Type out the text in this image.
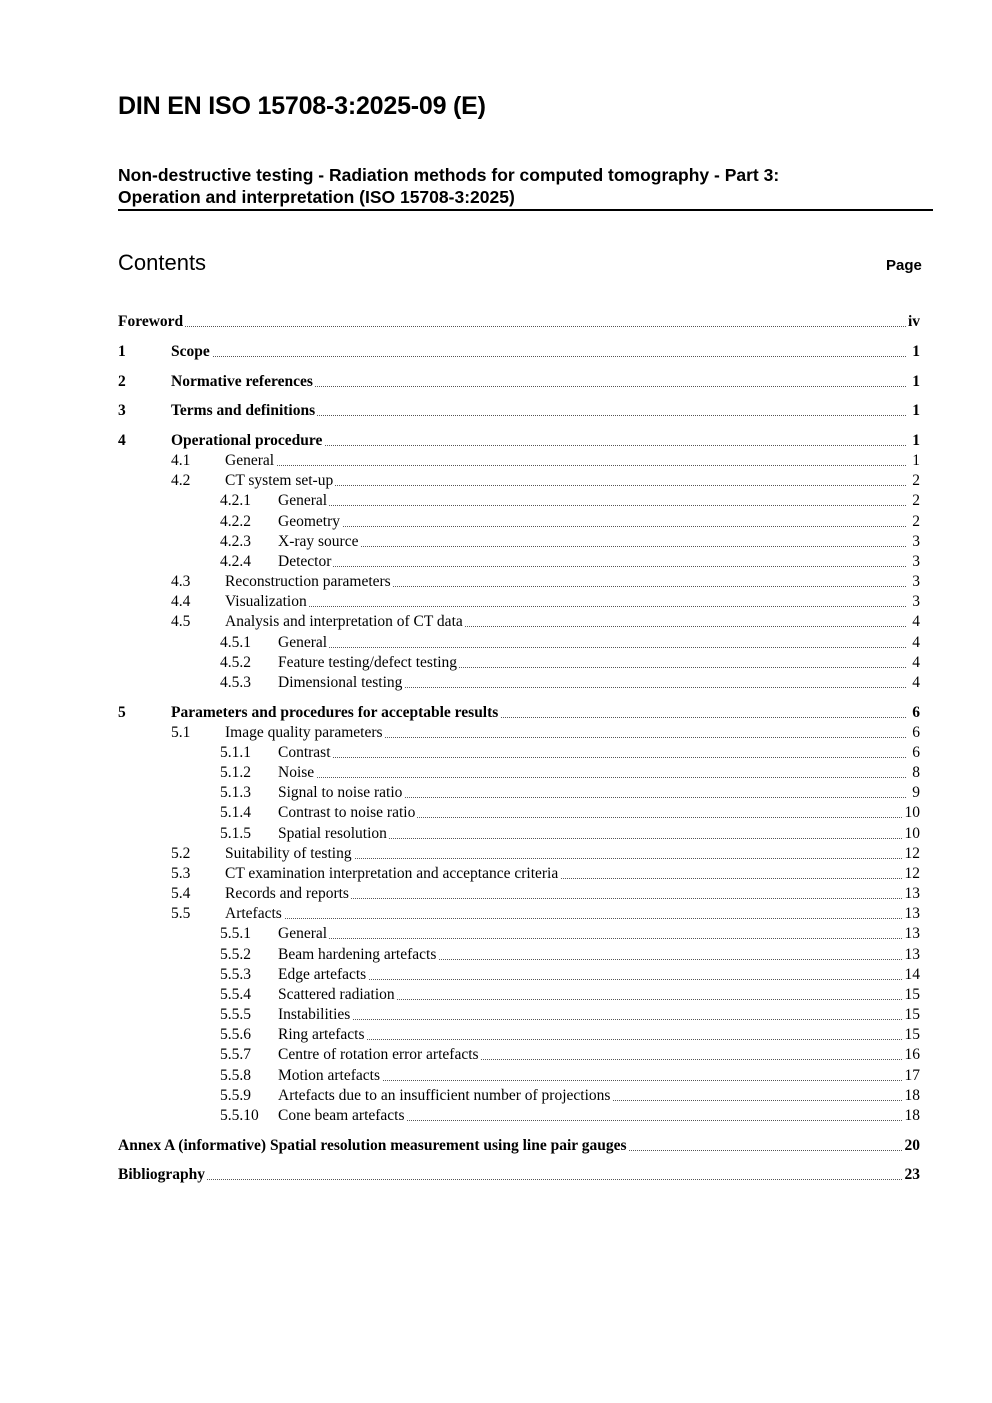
DIN EN ISO 15708-3:2025-09 (E)
Non-destructive testing - Radiation methods for computed tomography - Part 3:
Operation and interpretation (ISO 15708-3:2025)
Contents	Page
Foreword	iv
1	Scope	1
2	Normative references	1
3	Terms and definitions	1
4	Operational procedure	1
4.1 General	1
4.2 CT system set-up	2
4.2.1 General	2
4.2.2 Geometry	2
4.2.3 X-ray source	3
4.2.4 Detector	3
4.3 Reconstruction parameters	3
4.4 Visualization	3
4.5 Analysis and interpretation of CT data	4
4.5.1 General	4
4.5.2 Feature testing/defect testing	4
4.5.3 Dimensional testing	4
5	Parameters and procedures for acceptable results	6
5.1 Image quality parameters	6
5.1.1 Contrast	6
5.1.2 Noise	8
5.1.3 Signal to noise ratio	9
5.1.4 Contrast to noise ratio	10
5.1.5 Spatial resolution	10
5.2 Suitability of testing	12
5.3 CT examination interpretation and acceptance criteria	12
5.4 Records and reports	13
5.5 Artefacts	13
5.5.1 General	13
5.5.2 Beam hardening artefacts	13
5.5.3 Edge artefacts	14
5.5.4 Scattered radiation	15
5.5.5 Instabilities	15
5.5.6 Ring artefacts	15
5.5.7 Centre of rotation error artefacts	16
5.5.8 Motion artefacts	17
5.5.9 Artefacts due to an insufficient number of projections	18
5.5.10 Cone beam artefacts	18
Annex A (informative) Spatial resolution measurement using line pair gauges	20
Bibliography	23
